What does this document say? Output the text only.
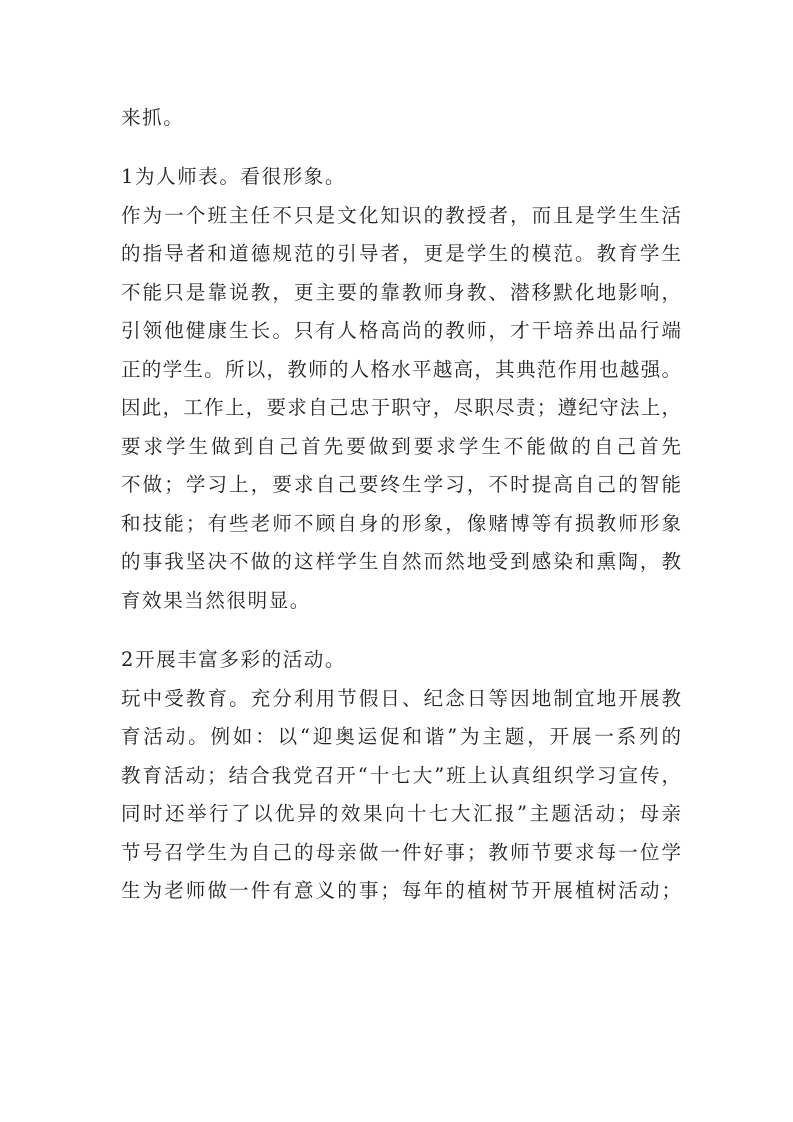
来抓。
1为人师表。看很形象。
作为一个班主任不只是文化知识的教授者，而且是学生生活
的指导者和道德规范的引导者，更是学生的模范。教育学生
不能只是靠说教，更主要的靠教师身教、潜移默化地影响，
引领他健康生长。只有人格高尚的教师，才干培养出品行端
正的学生。所以，教师的人格水平越高，其典范作用也越强。
因此，工作上，要求自己忠于职守，尽职尽责；遵纪守法上，
要求学生做到自己首先要做到要求学生不能做的自己首先
不做；学习上，要求自己要终生学习，不时提高自己的智能
和技能；有些老师不顾自身的形象，像赌博等有损教师形象
的事我坚决不做的这样学生自然而然地受到感染和熏陶，教
育效果当然很明显。
2开展丰富多彩的活动。
玩中受教育。充分利用节假日、纪念日等因地制宜地开展教
育活动。例如：以“迎奥运促和谐”为主题，开展一系列的
教育活动；结合我党召开“十七大”班上认真组织学习宣传，
同时还举行了以优异的效果向十七大汇报”主题活动；母亲
节号召学生为自己的母亲做一件好事；教师节要求每一位学
生为老师做一件有意义的事；每年的植树节开展植树活动；
